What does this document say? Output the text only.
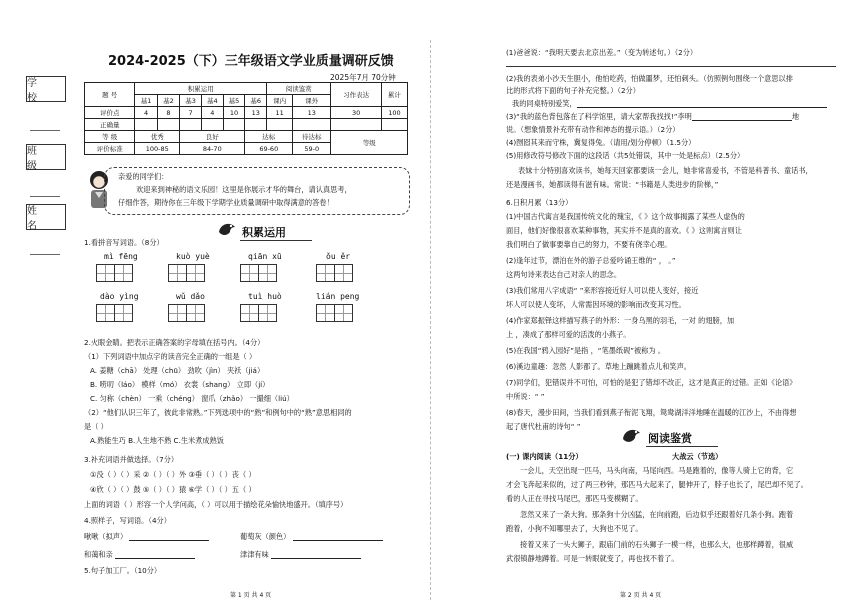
学 校
班 级
姓 名
2024-2025（下）三年级语文学业质量调研反馈
2025年7月 70分钟
题 号	积累运用						阅读鉴赏		习作表达	累计
	基1	基2	基3	基4	基5	基6	课内	课外		
评价点	4	8	7	4	10	13	11	13	30	100
正确量										
等 级	优秀		良好			达标		待达标	等级	
评价标准	100-85		84-70			69-60		59-0		
亲爱的同学们：
欢迎来到神秘的语文乐园！这里是你展示才华的舞台，请认真思考，
仔细作答，期待你在三年级下学期学业质量调研中取得满意的答卷！
积累运用
1.看拼音写词语。（8分）
mì fēng	kuò yuè	qiān xū	ǒu ěr
dào yìng	wǔ dǎo	tuì huò	lián peng
2.火眼金睛。把表示正确答案的字母填在括号内。（4分）
（1）下列词语中加点字的读音完全正确的一组是（ ）
A. 姜糖（chā） 处理（chū） 劲吹（jìn） 夹袄（jiá）
B. 唠叨（láo） 模样（mó） 衣裳（shang） 立即（jí）
C. 匀称（chèn） 一乘（chéng） 窗爪（zhǎo） 一撮细（liú）
（2）“他们认识三年了，彼此非常熟。”下列选项中的“熟”和例句中的“熟”意思相同的
是（ ）
A.熟能生巧 B.人生地不熟 C.生米煮成熟饭
3.补充词语并做选择。（7分）
①没（ ）（ ）采 ②（ ）（ ）外 ③垂（ ）（ ）丧（ ）
④欣（ ）（ ）鼓 ⑤（ ）（ ）猿 ⑥学（ ）（ ）五（ ）
上面的词语（ ）形容一个人学问高，（ ）可以用于描绘花朵愉快地盛开。（填序号）
4.照样子，写词语。（4分）
啾啾（拟声）	葡萄灰（颜色）
和蔼和亲	津津有味
5.句子加工厂。（10分）
第 1 页 共 4 页
(1)爸爸说：“我明天要去北京出差。”（变为转述句。）（2分）
(2)我的表弟小沙天生胆小，他怕吃药，怕做噩梦，还怕刺头。（仿照例句围绕一个意思以排
比的形式将下面的句子补充完整。）（2分）
我的同桌特别爱笑，
(3)“我的蓝色背包落在了科学馆里，请大家帮我找找!”李明	地
说。（想象情景补充带有动作和神态的提示语。）（2分）
(4)囫囵其来而守株，冀复得兔。（请用/划分停顿）（1.5分）
(5)用修改符号修改下面的这段话（共5处错误，其中一处是标点）（2.5分）
表妹十分特别喜欢读书，她每天回家都要读一会儿，她非常喜爱书，不管是科普书、童话书，
还是漫画书，她都读得有滋有味。常说：“书籍是人类进步的阶梯，”
6.日积月累（13分）
(1)中国古代寓言是我国传统文化的瑰宝，《 》这个故事揭露了某些人虚伪的
面目，他们好像很喜欢某种事物，其实并不是真的喜欢。《 》这则寓言则让
我们明白了做事要靠自己的努力，不要有侥幸心理。
(2)逢年过节，漂泊在外的游子总爱吟诵王维的“ ， 。”
这两句诗来表达自己对亲人的思念。
(3)我们常用八字成语“ ”来形容接近好人可以使人变好，接近
坏人可以使人变坏，人常需因环境的影响而改变其习性。
(4)作家郑振铎这样描写燕子的外形：一身乌黑的羽毛，一对 的翅膀，加
上 ，凑成了那样可爱的活泼的小燕子。
(5)在我国“鸦入园好”是指 ，“笔墨纸砚”被称为 。
(6)溪边童趣：忽然 人影都了。草地上蹦跳着点儿和笑声。
(7)同学们，犯错误并不可怕，可怕的是犯了错却不改正，这才是真正的过错。正如《论语》
中所说：“ ”
(8)春天，漫步田间，当我们看到燕子衔泥飞翔，鸳鸯湖洋洋地睡在温暖的江沙上，不由得想
起了唐代杜甫的诗句“ ”
阅读鉴赏
(一) 课内阅读（11分）	大战云（节选）
一会儿，天空出现一匹马，马头向南，马尾向西。马是跑着的，像等人骑上它的背，它
才会飞奔起来似的，过了两三秒钟，那匹马大起来了，腿伸开了，脖子也长了，尾巴却不见了。
看的人正在寻找马尾巴，那匹马变模糊了。
忽然又来了一条大狗。那条狗十分凶猛，在向前跑，后边似乎还跟着好几条小狗。跑着
跑着，小狗不知哪里去了，大狗也不见了。
接着又来了一头大狮子，跟庙门前的石头狮子一模一样，也那么大，也那样蹲着，很威
武很镇静地蹲着。可是一转眼就变了，再也找不着了。
第 2 页 共 4 页
